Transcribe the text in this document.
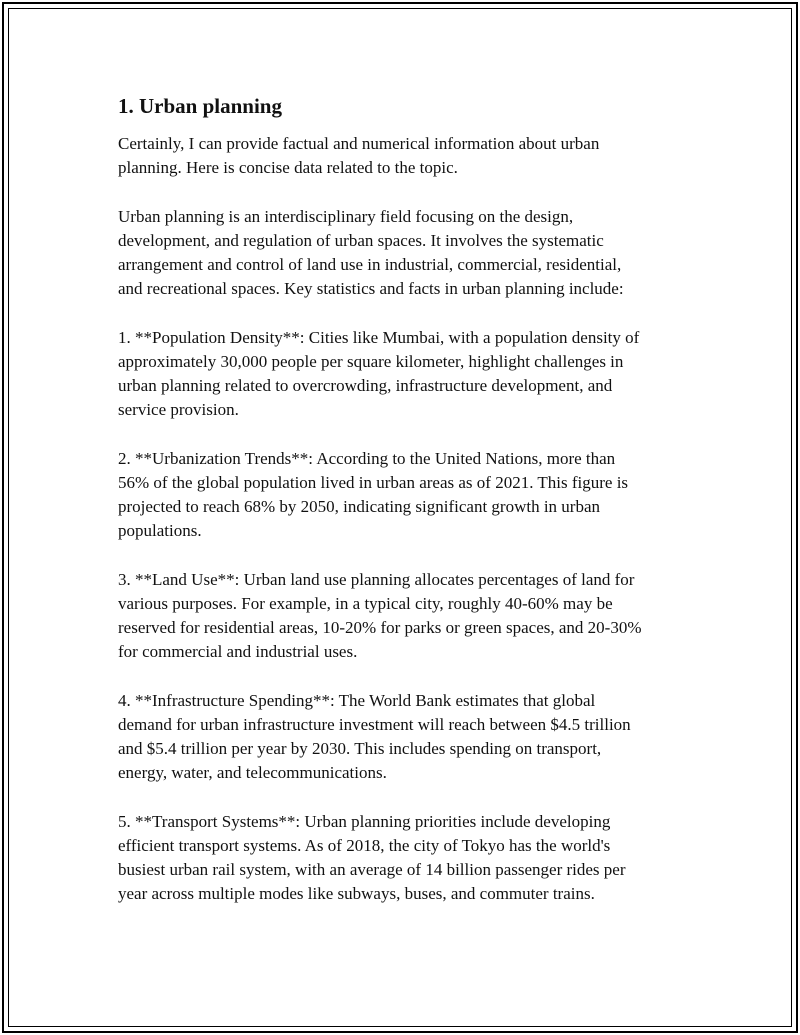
1. Urban planning

Certainly, I can provide factual and numerical information about urban
planning. Here is concise data related to the topic.

Urban planning is an interdisciplinary field focusing on the design,
development, and regulation of urban spaces. It involves the systematic
arrangement and control of land use in industrial, commercial, residential,
and recreational spaces. Key statistics and facts in urban planning include:

1. **Population Density**: Cities like Mumbai, with a population density of
approximately 30,000 people per square kilometer, highlight challenges in
urban planning related to overcrowding, infrastructure development, and
service provision.

2. **Urbanization Trends**: According to the United Nations, more than
56% of the global population lived in urban areas as of 2021. This figure is
projected to reach 68% by 2050, indicating significant growth in urban
populations.

3. **Land Use**: Urban land use planning allocates percentages of land for
various purposes. For example, in a typical city, roughly 40-60% may be
reserved for residential areas, 10-20% for parks or green spaces, and 20-30%
for commercial and industrial uses.

4. **Infrastructure Spending**: The World Bank estimates that global
demand for urban infrastructure investment will reach between $4.5 trillion
and $5.4 trillion per year by 2030. This includes spending on transport,
energy, water, and telecommunications.

5. **Transport Systems**: Urban planning priorities include developing
efficient transport systems. As of 2018, the city of Tokyo has the world's
busiest urban rail system, with an average of 14 billion passenger rides per
year across multiple modes like subways, buses, and commuter trains.
